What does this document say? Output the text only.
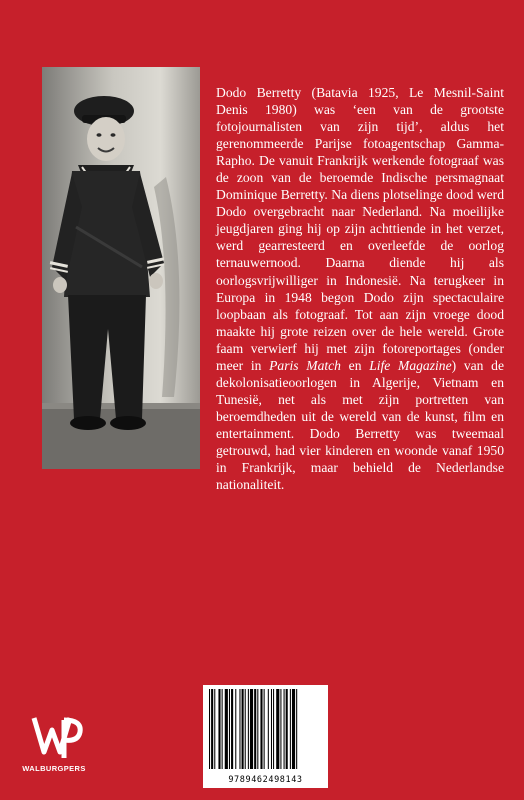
Dodo Berretty (Batavia 1925, Le Mesnil-Saint Denis 1980) was ‘een van de grootste fotojournalisten van zijn tijd’, aldus het gerenommeerde Parijse fotoagentschap Gamma-Rapho. De vanuit Frankrijk werkende fotograaf was de zoon van de beroemde Indische persmagnaat Dominique Berretty. Na diens plotselinge dood werd Dodo overgebracht naar Nederland. Na moeilijke jeugdjaren ging hij op zijn achttiende in het verzet, werd gearresteerd en overleefde de oorlog ternauwernood. Daarna diende hij als oorlogsvrijwilliger in Indonesië. Na terugkeer in Europa in 1948 begon Dodo zijn spectaculaire loopbaan als fotograaf. Tot aan zijn vroege dood maakte hij grote reizen over de hele wereld. Grote faam verwierf hij met zijn fotoreportages (onder meer in Paris Match en Life Magazine) van de dekolonisatieoorlogen in Algerije, Vietnam en Tunesië, net als met zijn portretten van beroemdheden uit de wereld van de kunst, film en entertainment. Dodo Berretty was tweemaal getrouwd, had vier kinderen en woonde vanaf 1950 in Frankrijk, maar behield de Nederlandse nationaliteit.

WALBURGPERS
9789462498143
